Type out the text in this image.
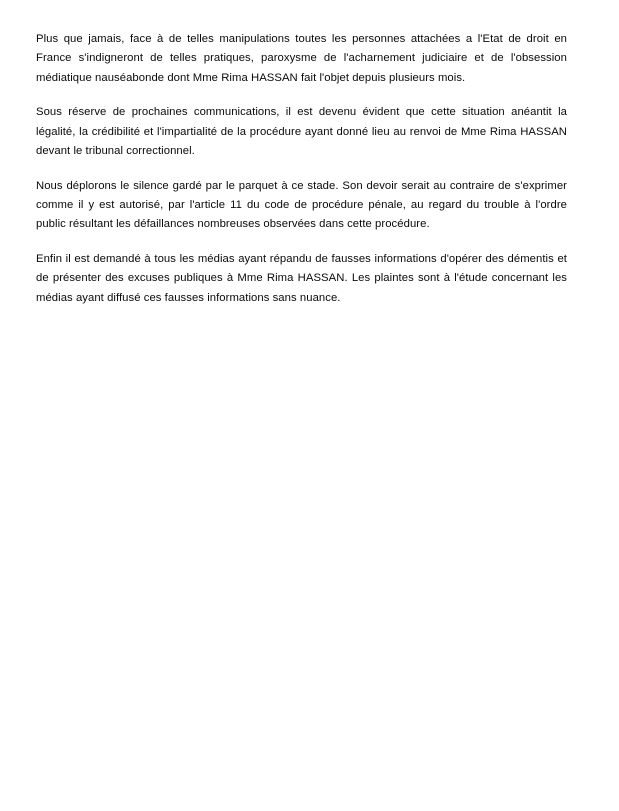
Plus que jamais, face à de telles manipulations toutes les personnes attachées a l'Etat de droit en France s'indigneront de telles pratiques, paroxysme de l'acharnement judiciaire et de l'obsession médiatique nauséabonde dont Mme Rima HASSAN fait l'objet depuis plusieurs mois.

Sous réserve de prochaines communications, il est devenu évident que cette situation anéantit la légalité, la crédibilité et l'impartialité de la procédure ayant donné lieu au renvoi de Mme Rima HASSAN devant le tribunal correctionnel.

Nous déplorons le silence gardé par le parquet à ce stade. Son devoir serait au contraire de s'exprimer comme il y est autorisé, par l'article 11 du code de procédure pénale, au regard du trouble à l'ordre public résultant les défaillances nombreuses observées dans cette procédure.

Enfin il est demandé à tous les médias ayant répandu de fausses informations d'opérer des démentis et de présenter des excuses publiques à Mme Rima HASSAN. Les plaintes sont à l'étude concernant les médias ayant diffusé ces fausses informations sans nuance.
